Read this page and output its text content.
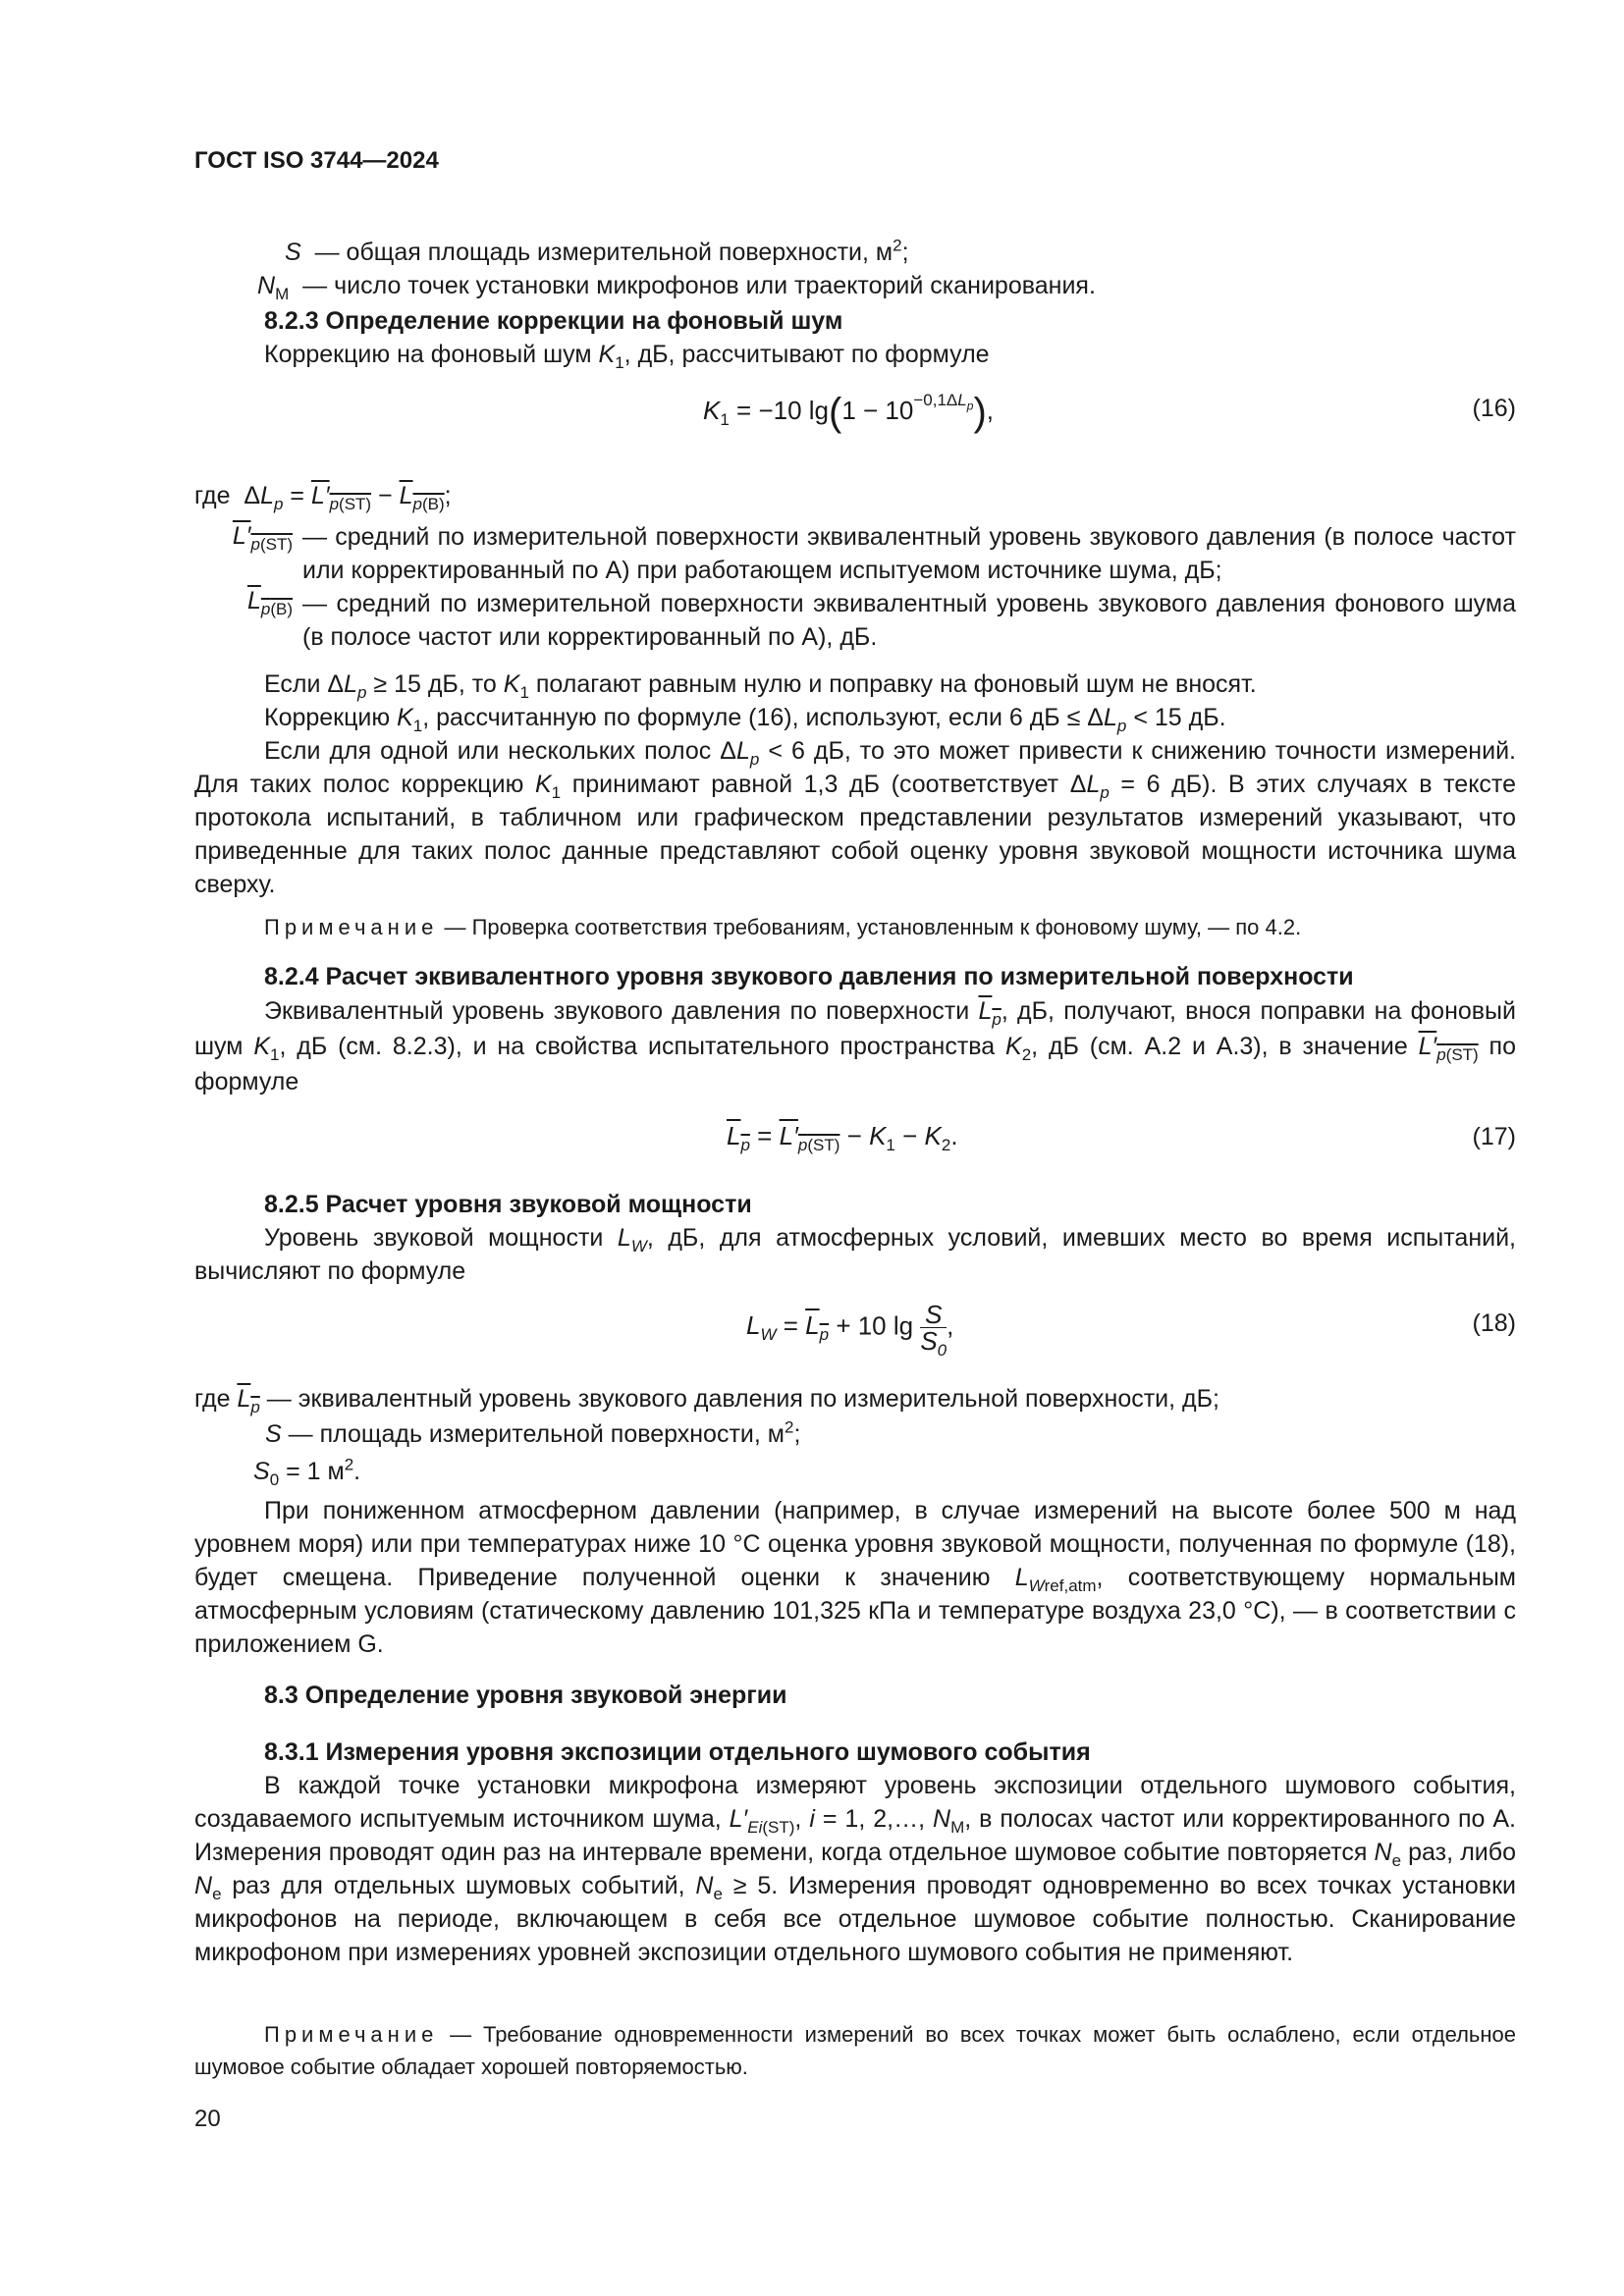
ГОСТ ISO 3744—2024
S — общая площадь измерительной поверхности, $м^2$;
$N_M$ — число точек установки микрофонов или траекторий сканирования.

8.2.3 Определение коррекции на фоновый шум

Коррекцию на фоновый шум $K_1$, дБ, рассчитывают по формуле

$K_1 = -10$ $\lg(1 - 10^{-0,1\Delta L_p})$,	(16)
где  $\Delta L_p = L'_{p(ST)} - L_{p(B)}$;
$L'_{p(ST)}$ — средний по измерительной поверхности эквивалентный уровень звукового давления (в полосе частот или корректированный по А) при работающем испытуемом источнике шума, дБ;
$L_{p(B)}$ — средний по измерительной поверхности эквивалентный уровень звукового давления фонового шума (в полосе частот или корректированный по А), дБ.

Если $\Delta L_p \ge 15$ дБ, то $K_1$ полагают равным нулю и поправку на фоновый шум не вносят.

Коррекцию $K_1$, рассчитанную по формуле (16), используют, если 6 дБ ≤ $\Delta L_p < 15$ дБ.

Если для одной или нескольких полос $\Delta L_p < 6$ дБ, то это может привести к снижению точности измерений. Для таких полос коррекцию $K_1$ принимают равной 1,3 дБ (соответствует $\Delta L_p = 6$ дБ). В этих случаях в тексте протокола испытаний, в табличном или графическом представлении результатов измерений указывают, что приведенные для таких полос данные представляют собой оценку уровня звуковой мощности источника шума сверху.

Примечание — Проверка соответствия требованиям, установленным к фоновому шуму, — по 4.2.

8.2.4 Расчет эквивалентного уровня звукового давления по измерительной поверхности

Эквивалентный уровень звукового давления по поверхности $L_p$, дБ, получают, внося поправки на фоновый шум $K_1$, дБ (см. 8.2.3), и на свойства испытательного пространства $K_2$, дБ (см. А.2 и А.3), в значение $L'_{p(ST)}$ по формуле

$L_p = L'_{p(ST)} - K_1 - K_2$.	(17)

8.2.5 Расчет уровня звуковой мощности

Уровень звуковой мощности $L_W$, дБ, для атмосферных условий, имевших место во время испытаний, вычисляют по формуле

$L_W = L_p + 10$ $\lg \frac{S}{S_0}$ ,	(18)
где $L_p$ — эквивалентный уровень звукового давления по измерительной поверхности, дБ;
S — площадь измерительной поверхности, $м^2$;
$S_0 = 1$ $м^2$.

При пониженном атмосферном давлении (например, в случае измерений на высоте более 500 м над уровнем моря) или при температурах ниже 10 °С оценка уровня звуковой мощности, полученная по формуле (18), будет смещена. Приведение полученной оценки к значению $L_{Wref,atm}$, соответствующему нормальным атмосферным условиям (статическому давлению 101,325 кПа и температуре воздуха 23,0 °С), — в соответствии с приложением G.

8.3 Определение уровня звуковой энергии

8.3.1 Измерения уровня экспозиции отдельного шумового события

В каждой точке установки микрофона измеряют уровень экспозиции отдельного шумового события, создаваемого испытуемым источником шума, $L'_{Ei(ST)}$, i = 1, 2,…, $N_M$, в полосах частот или корректированного по А. Измерения проводят один раз на интервале времени, когда отдельное шумовое событие повторяется $N_e$ раз, либо $N_e$ раз для отдельных шумовых событий, $N_e \ge 5$. Измерения проводят одновременно во всех точках установки микрофонов на периоде, включающем в себя все отдельное шумовое событие полностью. Сканирование микрофоном при измерениях уровней экспозиции отдельного шумового события не применяют.

Примечание — Требование одновременности измерений во всех точках может быть ослаблено, если отдельное шумовое событие обладает хорошей повторяемостью.

20
